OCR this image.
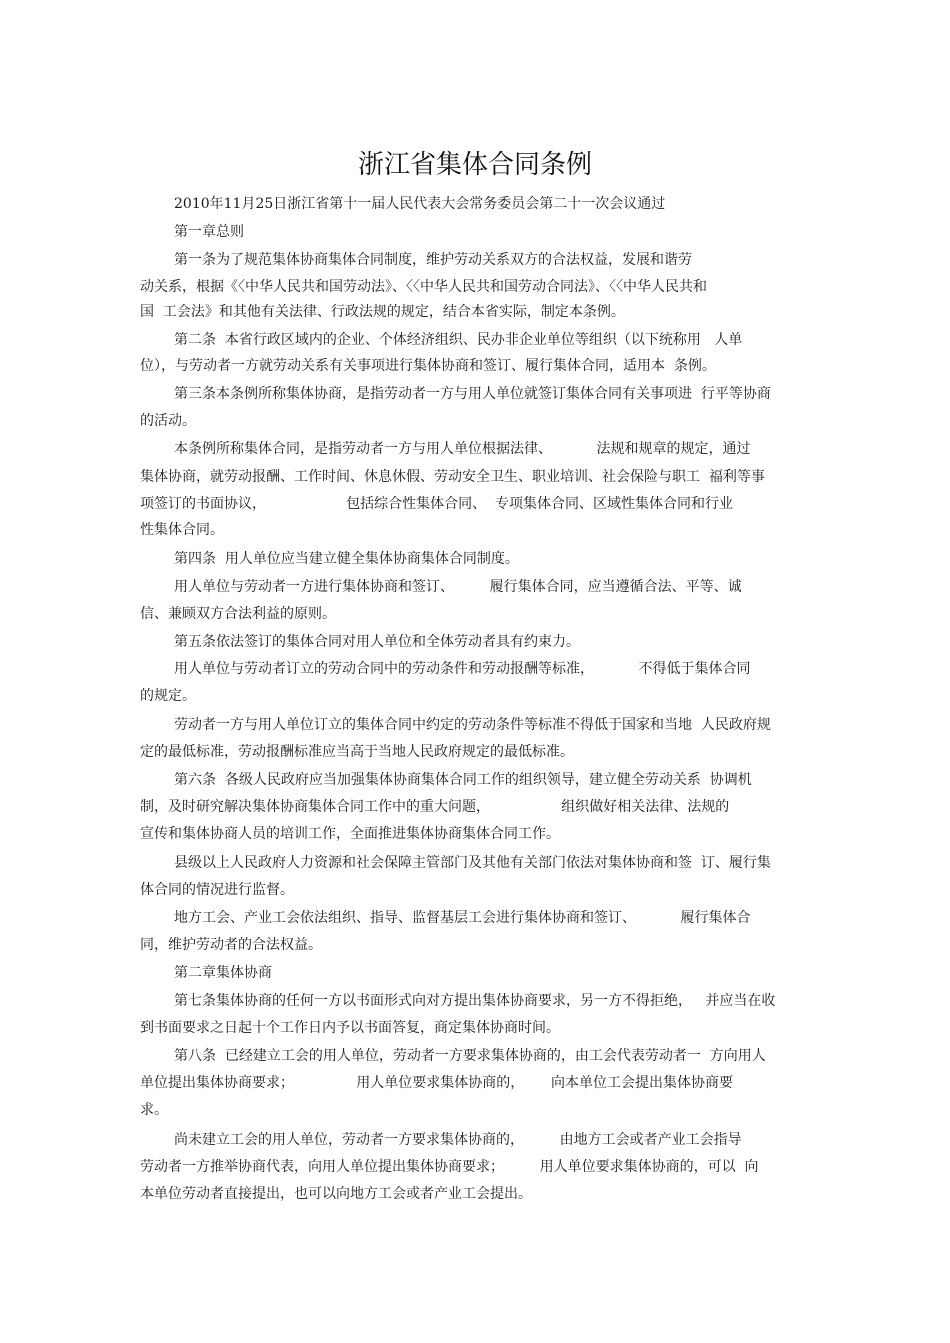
浙江省集体合同条例
2010年11月25日浙江省第十一届人民代表大会常务委员会第二十一次会议通过
第一章总则
第一条为了规范集体协商集体合同制度，维护劳动关系双方的合法权益，发展和谐劳
动关系，根据《〈中华人民共和国劳动法》、〈〈中华人民共和国劳动合同法》、〈〈中华人民共和
国  工会法》和其他有关法律、行政法规的规定，结合本省实际，制定本条例。
第二条  本省行政区域内的企业、个体经济组织、民办非企业单位等组织（以下统称用   人单
位），与劳动者一方就劳动关系有关事项进行集体协商和签订、履行集体合同，适用本  条例。
第三条本条例所称集体协商，是指劳动者一方与用人单位就签订集体合同有关事项进  行平等协商
的活动。
本条例所称集体合同，是指劳动者一方与用人单位根据法律、          法规和规章的规定，通过
集体协商，就劳动报酬、工作时间、休息休假、劳动安全卫生、职业培训、社会保险与职工  福利等事
项签订的书面协议，                  包括综合性集体合同、  专项集体合同、区域性集体合同和行业
性集体合同。
第四条  用人单位应当建立健全集体协商集体合同制度。
用人单位与劳动者一方进行集体协商和签订、        履行集体合同，应当遵循合法、平等、诚
信、兼顾双方合法利益的原则。
第五条依法签订的集体合同对用人单位和全体劳动者具有约束力。
用人单位与劳动者订立的劳动合同中的劳动条件和劳动报酬等标准，          不得低于集体合同
的规定。
劳动者一方与用人单位订立的集体合同中约定的劳动条件等标准不得低于国家和当地  人民政府规
定的最低标准，劳动报酬标准应当高于当地人民政府规定的最低标准。
第六条  各级人民政府应当加强集体协商集体合同工作的组织领导，建立健全劳动关系  协调机
制，及时研究解决集体协商集体合同工作中的重大问题，                组织做好相关法律、法规的
宣传和集体协商人员的培训工作，全面推进集体协商集体合同工作。
县级以上人民政府人力资源和社会保障主管部门及其他有关部门依法对集体协商和签  订、履行集
体合同的情况进行监督。
地方工会、产业工会依法组织、指导、监督基层工会进行集体协商和签订、          履行集体合
同，维护劳动者的合法权益。
第二章集体协商
第七条集体协商的任何一方以书面形式向对方提出集体协商要求，另一方不得拒绝，   并应当在收
到书面要求之日起十个工作日内予以书面答复，商定集体协商时间。
第八条  已经建立工会的用人单位，劳动者一方要求集体协商的，由工会代表劳动者一  方向用人
单位提出集体协商要求；              用人单位要求集体协商的，      向本单位工会提出集体协商要
求。
尚未建立工会的用人单位，劳动者一方要求集体协商的，        由地方工会或者产业工会指导
劳动者一方推举协商代表，向用人单位提出集体协商要求；        用人单位要求集体协商的，可以  向
本单位劳动者直接提出，也可以向地方工会或者产业工会提出。
